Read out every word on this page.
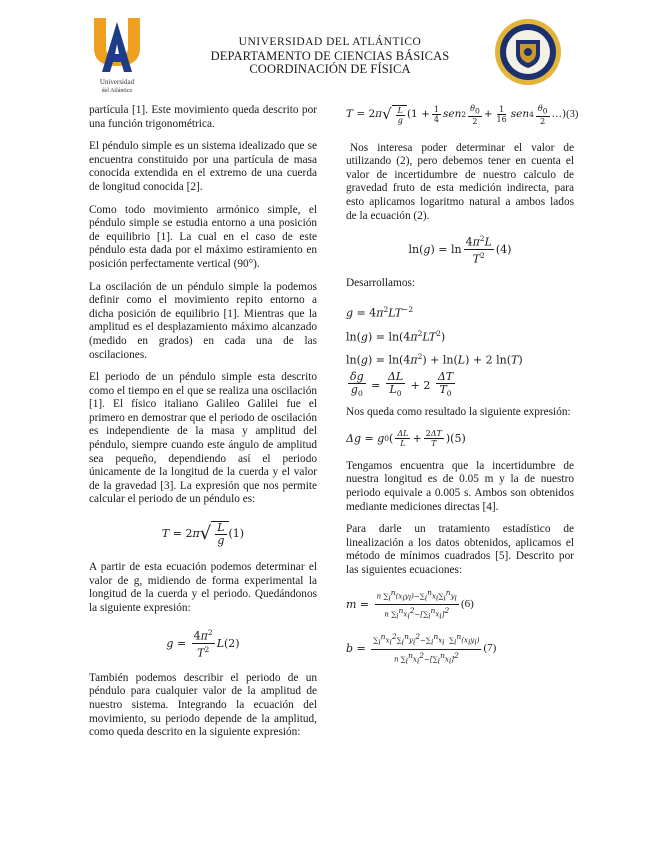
Universidad
del Atlántico
UNIVERSIDAD DEL ATLÁNTICO
DEPARTAMENTO DE CIENCIAS BÁSICAS
COORDINACIÓN DE FÍSICA

partícula [1]. Este movimiento queda descrito por una función trigonométrica.

El péndulo simple es un sistema idealizado que se encuentra constituido por una partícula de masa conocida extendida en el extremo de una cuerda de longitud conocida [2].

Como todo movimiento armónico simple, el péndulo simple se estudia entorno a una posición de equilibrio [1]. La cual en el caso de este péndulo esta dada por el máximo estiramiento en posición perfectamente vertical (90°).

La oscilación de un péndulo simple la podemos definir como el movimiento repito entorno a dicha posición de equilibrio [1]. Mientras que la amplitud es el desplazamiento máximo alcanzado (medido en grados) en cada una de las oscilaciones.

El periodo de un péndulo simple esta descrito como el tiempo en el que se realiza una oscilación [1]. El físico italiano Galileo Galilei fue el primero en demostrar que el periodo de oscilación es independiente de la masa y amplitud del péndulo, siempre cuando este ángulo de amplitud sea pequeño, dependiendo así el periodo únicamente de la longitud de la cuerda y el valor de la gravedad [3]. La expresión que nos permite calcular el periodo de un péndulo es:

T = 2 π √ $\frac{L}{g} (1)$

A partir de esta ecuación podemos determinar el valor de g, midiendo de forma experimental la longitud de la cuerda y el periodo. Quedándonos la siguiente expresión:

$g = \frac{4\pi^2}{T^2}$ L (2)

También podemos describir el periodo de un péndulo para cualquier valor de la amplitud de nuestro sistema. Integrando la ecuación del movimiento, su periodo depende de la amplitud, como queda descrito en la siguiente expresión:

T = 2 π √ $\frac{L}{g} (1 + \frac{1}{4}$ sen $2 \frac{\theta 0}{2} + \frac{1}{16}$ sen $4 \frac{\theta 0}{2}$ …) (3)

Nos interesa poder determinar el valor de utilizando (2), pero debemos tener en cuenta el valor de incertidumbre de nuestro calculo de gravedad fruto de esta medición indirecta, para esto aplicamos logaritmo natural a ambos lados de la ecuación (2).

ln( g ) = $\ln \frac{4\pi^2L}{T^2} (4)$

Desarrollamos:

$g = 4\pi^2LT^{-2}$
$\ln(g) = \ln(4\pi^2LT^2)$
$\ln(g) = \ln(4\pi^2) + \ln(L) + 2$ ln(T)
$\frac{\delta g}{g_0} = \frac{\Delta L}{L_0} + 2 \frac{\Delta T}{T_0}$

Nos queda como resultado la siguiente expresión:

Δg = g 0 ( $\frac{\Delta L}{L} + \frac{2\Delta T}{T}$ ) (5)

Tengamos encuentra que la incertidumbre de nuestra longitud es de 0.05 m y la de nuestro periodo equivale a 0.005 s. Ambos son obtenidos mediante mediciones directas [4].

Para darle un tratamiento estadístico de linealización a los datos obtenidos, aplicamos el método de mínimos cuadrados [5]. Descrito por las siguientes ecuaciones:

$m = \frac{\text{n ∑in(xiyi)−∑inxi∑inyi}}{\text{n ∑inxi2−[∑inxi]2}} (6)$
$b = \frac{\text{∑inxi2∑inyi2−∑inxi  ∑in(xiyi)}}{\text{n ∑inxi2−[∑inxi]2}} (7)$
